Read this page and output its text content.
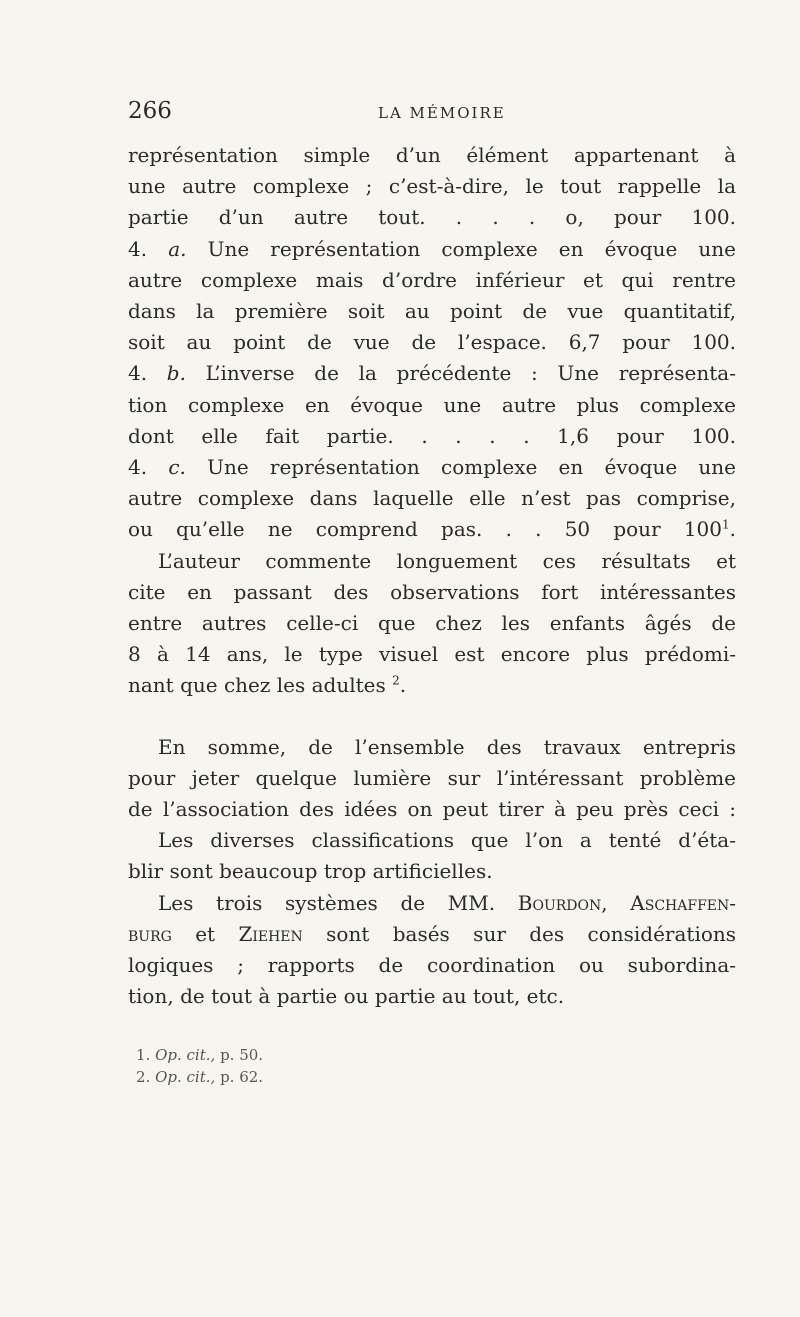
266	LA MÉMOIRE
représentation simple d’un élément appartenant à
une autre complexe ; c’est-à-dire, le tout rappelle la
partie d’un autre tout. . . . o, pour 100.
4. a. Une représentation complexe en évoque une
autre complexe mais d’ordre inférieur et qui rentre
dans la première soit au point de vue quantitatif,
soit au point de vue de l’espace. 6,7 pour 100.
4. b. L’inverse de la précédente : Une représenta-
tion complexe en évoque une autre plus complexe
dont elle fait partie. . . . . 1,6 pour 100.
4. c. Une représentation complexe en évoque une
autre complexe dans laquelle elle n’est pas comprise,
ou qu’elle ne comprend pas. . . 50 pour $100^1$.
L’auteur commente longuement ces résultats et
cite en passant des observations fort intéressantes
entre autres celle-ci que chez les enfants âgés de
8 à 14 ans, le type visuel est encore plus prédomi-
nant que chez les adultes $^2$.
En somme, de l’ensemble des travaux entrepris
pour jeter quelque lumière sur l’intéressant problème
de l’association des idées on peut tirer à peu près ceci :
Les diverses classifications que l’on a tenté d’éta-
blir sont beaucoup trop artificielles.
Les trois systèmes de MM. Bourdon, Aschaffen-
burg et Ziehen sont basés sur des considérations
logiques ; rapports de coordination ou subordina-
tion, de tout à partie ou partie au tout, etc.
1. Op. cit., p. 50.
2. Op. cit., p. 62.
